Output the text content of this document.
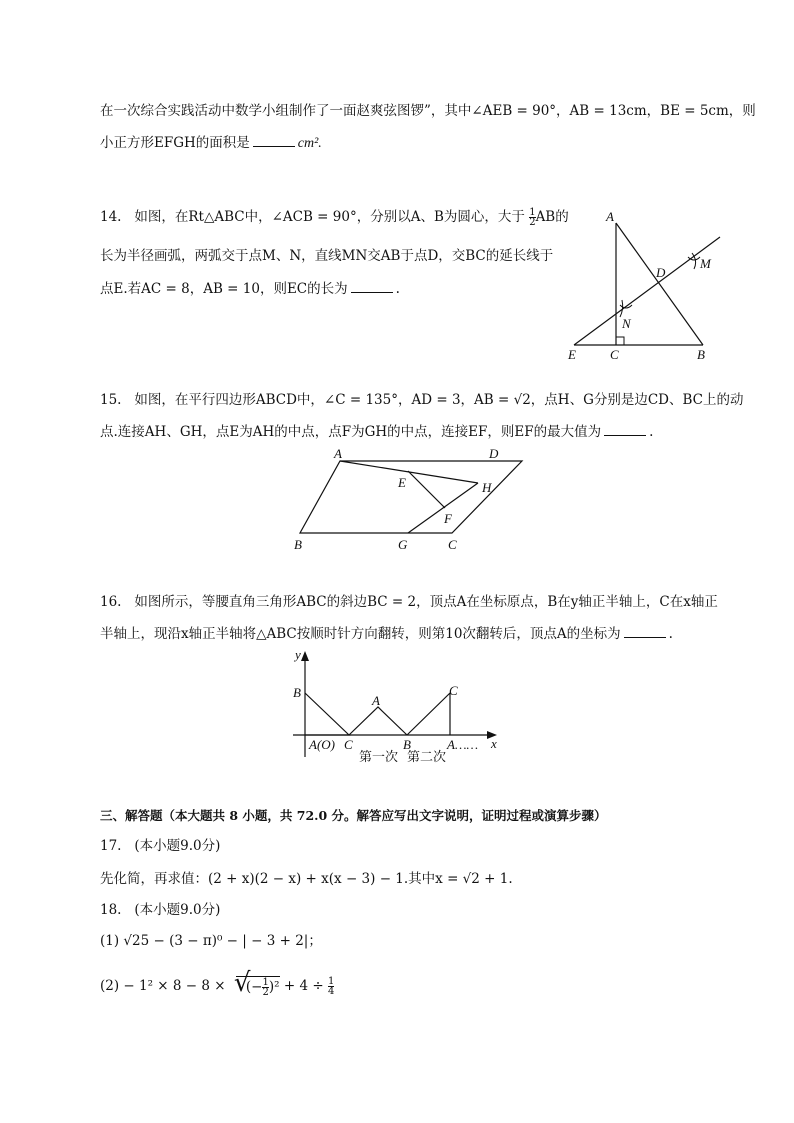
在一次综合实践活动中数学小组制作了一面赵爽弦图锣”，其中∠AEB = 90°，AB = 13cm，BE = 5cm，则
小正方形EFGH的面积是	cm².
14. 如图，在Rt△ABC中，∠ACB = 90°，分别以A、B为圆心，大于 $\frac{1}{2}$ AB的
长为半径画弧，两弧交于点M、N，直线MN交AB于点D，交BC的延长线于
点E.若AC = 8，AB = 10，则EC的长为	.
A
B
C
D
E
M
N
15. 如图，在平行四边形ABCD中，∠C = 135°，AD = 3，AB = √2，点H、G分别是边CD、BC上的动
点.连接AH、GH，点E为AH的中点，点F为GH的中点，连接EF，则EF的最大值为	.
A	D
B	C
E
F
H
G
16. 如图所示，等腰直角三角形ABC的斜边BC = 2，顶点A在坐标原点，B在y轴正半轴上，C在x轴正
半轴上，现沿x轴正半轴将△ABC按顺时针方向翻转，则第10次翻转后，顶点A的坐标为	.
y
x
B
A(O) C
A
B
C
A……
第一次 第二次
三、解答题（本大题共 8 小题，共 72.0 分。解答应写出文字说明，证明过程或演算步骤）
17. (本小题9.0分)
先化简，再求值：(2 + x)(2 − x) + x(x − 3) − 1.其中x = √2 + 1.
18. (本小题9.0分)
(1) √25 − (3 − π)⁰ − | − 3 + 2|；
(2) − 1² × 8 − 8 × √
(− $\frac{1}{2} )^2 + 4 \div \frac{1}{4}$
